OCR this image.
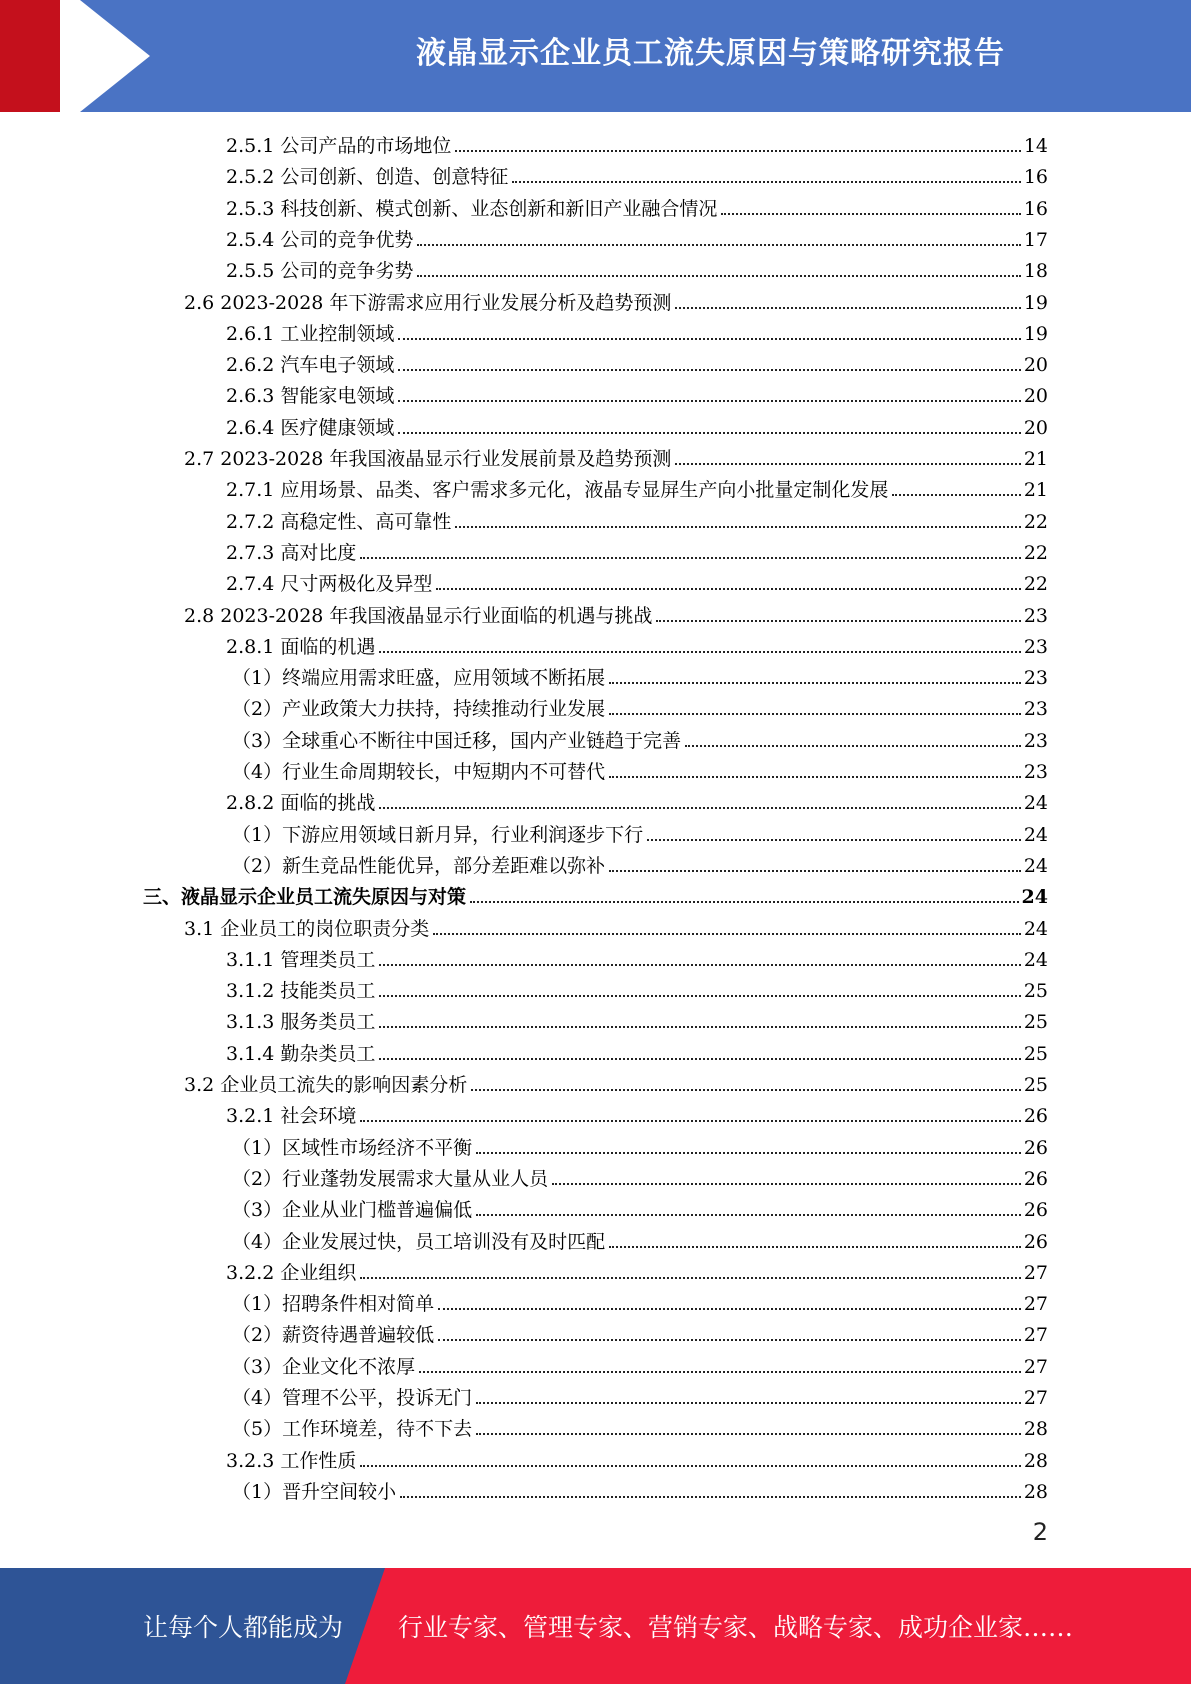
液晶显示企业员工流失原因与策略研究报告
2.5.1 公司产品的市场地位	14
2.5.2 公司创新、创造、创意特征	16
2.5.3 科技创新、模式创新、业态创新和新旧产业融合情况	16
2.5.4 公司的竞争优势	17
2.5.5 公司的竞争劣势	18
2.6 2023-2028 年下游需求应用行业发展分析及趋势预测	19
2.6.1 工业控制领域	19
2.6.2 汽车电子领域	20
2.6.3 智能家电领域	20
2.6.4 医疗健康领域	20
2.7 2023-2028 年我国液晶显示行业发展前景及趋势预测	21
2.7.1 应用场景、品类、客户需求多元化，液晶专显屏生产向小批量定制化发展	21
2.7.2 高稳定性、高可靠性	22
2.7.3 高对比度	22
2.7.4 尺寸两极化及异型	22
2.8 2023-2028 年我国液晶显示行业面临的机遇与挑战	23
2.8.1 面临的机遇	23
（1）终端应用需求旺盛，应用领域不断拓展	23
（2）产业政策大力扶持，持续推动行业发展	23
（3）全球重心不断往中国迁移，国内产业链趋于完善	23
（4）行业生命周期较长，中短期内不可替代	23
2.8.2 面临的挑战	24
（1）下游应用领域日新月异，行业利润逐步下行	24
（2）新生竞品性能优异，部分差距难以弥补	24
三、液晶显示企业员工流失原因与对策	24
3.1 企业员工的岗位职责分类	24
3.1.1 管理类员工	24
3.1.2 技能类员工	25
3.1.3 服务类员工	25
3.1.4 勤杂类员工	25
3.2 企业员工流失的影响因素分析	25
3.2.1 社会环境	26
（1）区域性市场经济不平衡	26
（2）行业蓬勃发展需求大量从业人员	26
（3）企业从业门槛普遍偏低	26
（4）企业发展过快，员工培训没有及时匹配	26
3.2.2 企业组织	27
（1）招聘条件相对简单	27
（2）薪资待遇普遍较低	27
（3）企业文化不浓厚	27
（4）管理不公平，投诉无门	27
（5）工作环境差，待不下去	28
3.2.3 工作性质	28
（1）晋升空间较小	28
2
让每个人都能成为 行业专家、管理专家、营销专家、战略专家、成功企业家……
